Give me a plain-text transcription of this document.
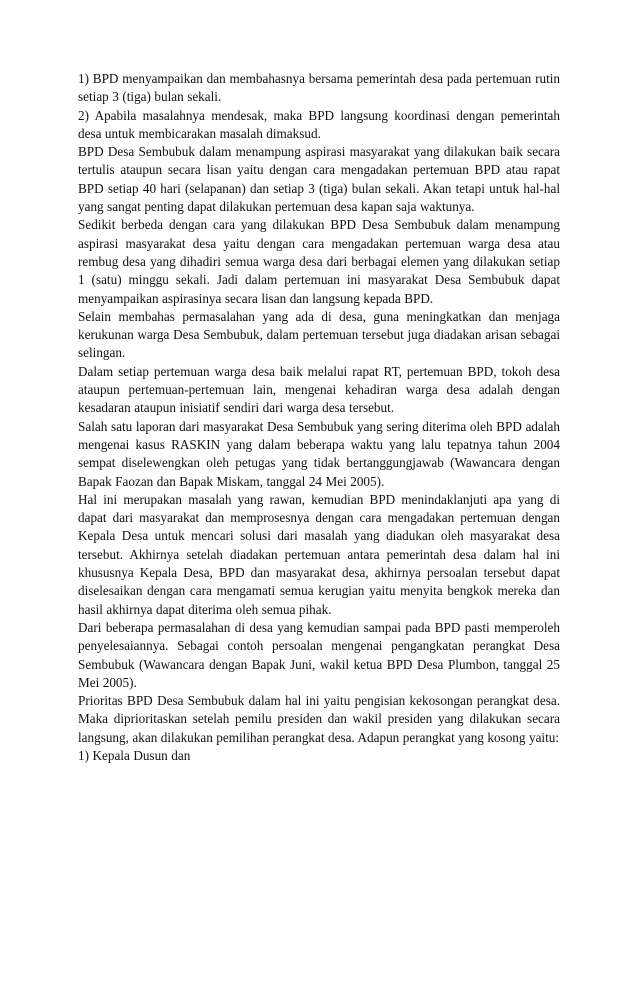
1) BPD menyampaikan dan membahasnya bersama pemerintah desa pada pertemuan rutin setiap 3 (tiga) bulan sekali.

2) Apabila masalahnya mendesak, maka BPD langsung koordinasi dengan pemerintah desa untuk membicarakan masalah dimaksud.

BPD Desa Sembubuk dalam menampung aspirasi masyarakat yang dilakukan baik secara tertulis ataupun secara lisan yaitu dengan cara mengadakan pertemuan BPD atau rapat BPD setiap 40 hari (selapanan) dan setiap 3 (tiga) bulan sekali. Akan tetapi untuk hal-hal yang sangat penting dapat dilakukan pertemuan desa kapan saja waktunya.

Sedikit berbeda dengan cara yang dilakukan BPD Desa Sembubuk dalam menampung aspirasi masyarakat desa yaitu dengan cara mengadakan pertemuan warga desa atau rembug desa yang dihadiri semua warga desa dari berbagai elemen yang dilakukan setiap 1 (satu) minggu sekali. Jadi dalam pertemuan ini masyarakat Desa Sembubuk dapat menyampaikan aspirasinya secara lisan dan langsung kepada BPD.

Selain membahas permasalahan yang ada di desa, guna meningkatkan dan menjaga kerukunan warga Desa Sembubuk, dalam pertemuan tersebut juga diadakan arisan sebagai selingan.

Dalam setiap pertemuan warga desa baik melalui rapat RT, pertemuan BPD, tokoh desa ataupun pertemuan-pertemuan lain, mengenai kehadiran warga desa adalah dengan kesadaran ataupun inisiatif sendiri dari warga desa tersebut.

Salah satu laporan dari masyarakat Desa Sembubuk yang sering diterima oleh BPD adalah mengenai kasus RASKIN yang dalam beberapa waktu yang lalu tepatnya tahun 2004 sempat diselewengkan oleh petugas yang tidak bertanggungjawab (Wawancara dengan Bapak Faozan dan Bapak Miskam, tanggal 24 Mei 2005).

Hal ini merupakan masalah yang rawan, kemudian BPD menindaklanjuti apa yang di dapat dari masyarakat dan memprosesnya dengan cara mengadakan pertemuan dengan Kepala Desa untuk mencari solusi dari masalah yang diadukan oleh masyarakat desa tersebut. Akhirnya setelah diadakan pertemuan antara pemerintah desa dalam hal ini khususnya Kepala Desa, BPD dan masyarakat desa, akhirnya persoalan tersebut dapat diselesaikan dengan cara mengamati semua kerugian yaitu menyita bengkok mereka dan hasil akhirnya dapat diterima oleh semua pihak.

Dari beberapa permasalahan di desa yang kemudian sampai pada BPD pasti memperoleh penyelesaiannya. Sebagai contoh persoalan mengenai pengangkatan perangkat Desa Sembubuk (Wawancara dengan Bapak Juni, wakil ketua BPD Desa Plumbon, tanggal 25 Mei 2005).

Prioritas BPD Desa Sembubuk dalam hal ini yaitu pengisian kekosongan perangkat desa. Maka diprioritaskan setelah pemilu presiden dan wakil presiden yang dilakukan secara langsung, akan dilakukan pemilihan perangkat desa. Adapun perangkat yang kosong yaitu:

1) Kepala Dusun dan
